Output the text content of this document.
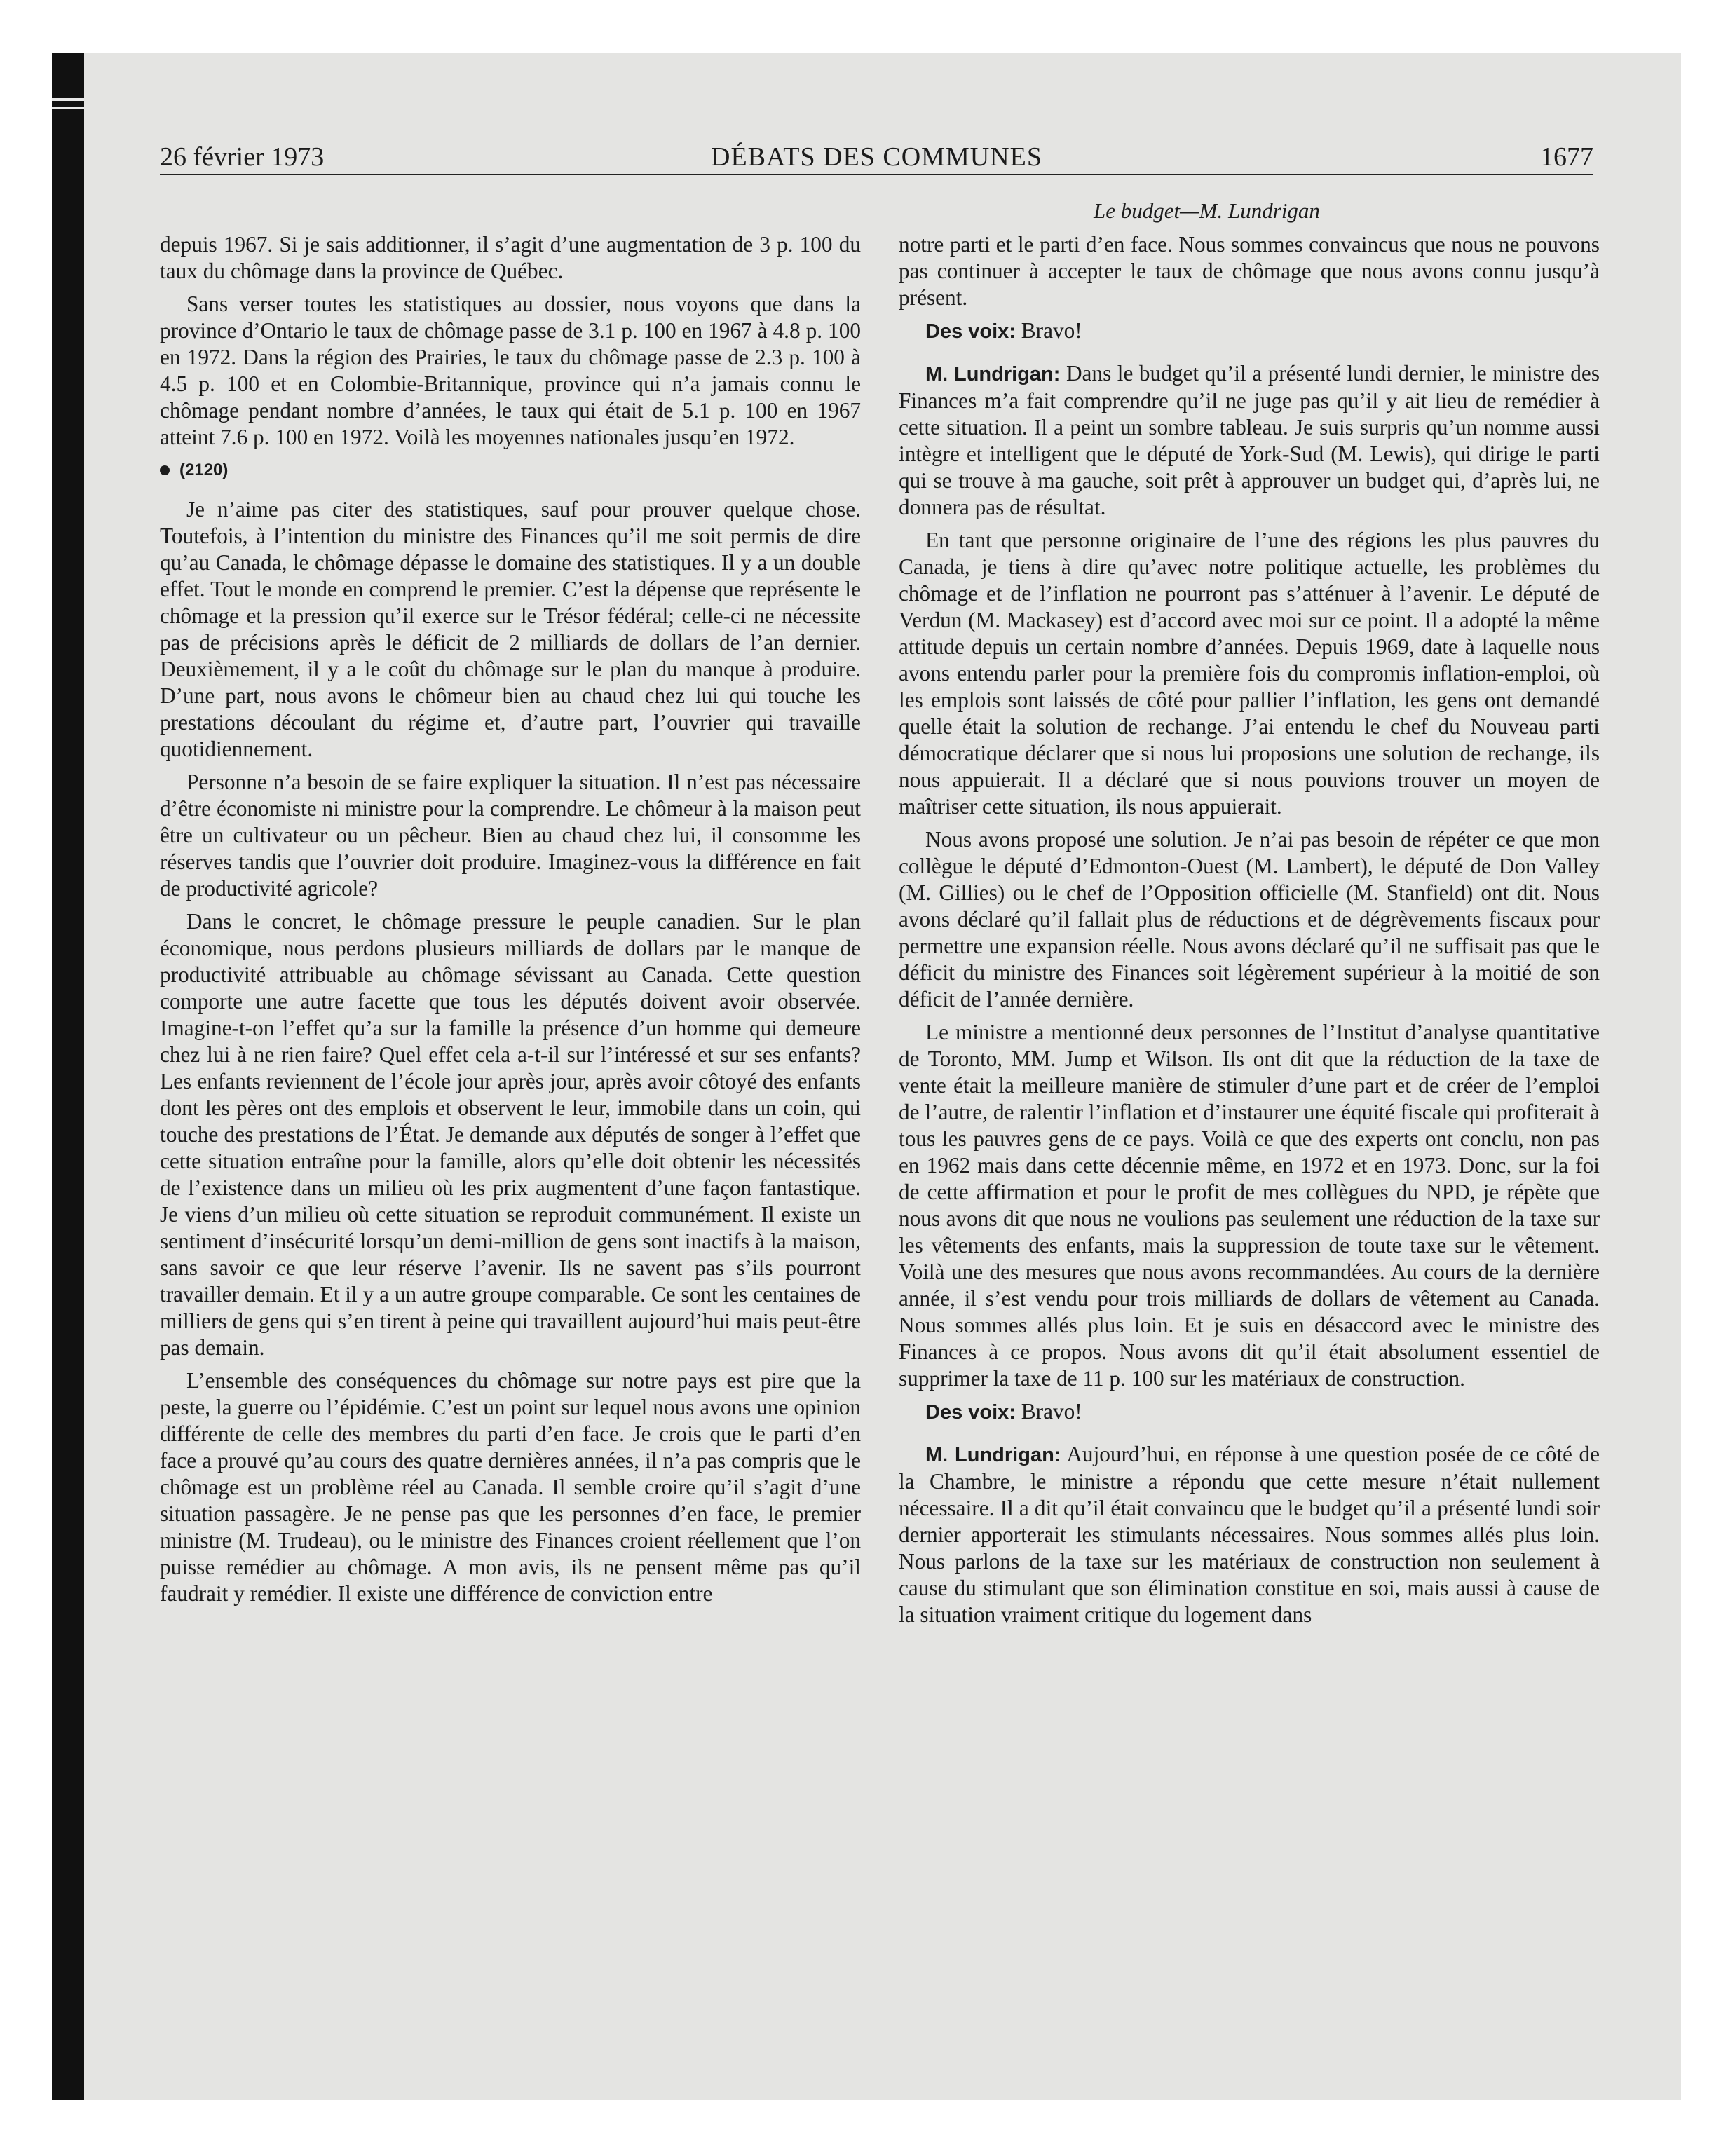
26 février 1973	DÉBATS DES COMMUNES	1677
Le budget—M. Lundrigan

depuis 1967. Si je sais additionner, il s’agit d’une augmentation de 3 p. 100 du taux du chômage dans la province de Québec.

Sans verser toutes les statistiques au dossier, nous voyons que dans la province d’Ontario le taux de chômage passe de 3.1 p. 100 en 1967 à 4.8 p. 100 en 1972. Dans la région des Prairies, le taux du chômage passe de 2.3 p. 100 à 4.5 p. 100 et en Colombie-Britannique, province qui n’a jamais connu le chômage pendant nombre d’années, le taux qui était de 5.1 p. 100 en 1967 atteint 7.6 p. 100 en 1972. Voilà les moyennes nationales jusqu’en 1972.

(2120)

Je n’aime pas citer des statistiques, sauf pour prouver quelque chose. Toutefois, à l’intention du ministre des Finances qu’il me soit permis de dire qu’au Canada, le chômage dépasse le domaine des statistiques. Il y a un double effet. Tout le monde en comprend le premier. C’est la dépense que représente le chômage et la pression qu’il exerce sur le Trésor fédéral; celle-ci ne nécessite pas de précisions après le déficit de 2 milliards de dollars de l’an dernier. Deuxièmement, il y a le coût du chômage sur le plan du manque à produire. D’une part, nous avons le chômeur bien au chaud chez lui qui touche les prestations découlant du régime et, d’autre part, l’ouvrier qui travaille quotidiennement.

Personne n’a besoin de se faire expliquer la situation. Il n’est pas nécessaire d’être économiste ni ministre pour la comprendre. Le chômeur à la maison peut être un cultivateur ou un pêcheur. Bien au chaud chez lui, il consomme les réserves tandis que l’ouvrier doit produire. Imaginez-vous la différence en fait de productivité agricole?

Dans le concret, le chômage pressure le peuple canadien. Sur le plan économique, nous perdons plusieurs milliards de dollars par le manque de productivité attribuable au chômage sévissant au Canada. Cette question comporte une autre facette que tous les députés doivent avoir observée. Imagine-t-on l’effet qu’a sur la famille la présence d’un homme qui demeure chez lui à ne rien faire? Quel effet cela a-t-il sur l’intéressé et sur ses enfants? Les enfants reviennent de l’école jour après jour, après avoir côtoyé des enfants dont les pères ont des emplois et observent le leur, immobile dans un coin, qui touche des prestations de l’État. Je demande aux députés de songer à l’effet que cette situation entraîne pour la famille, alors qu’elle doit obtenir les nécessités de l’existence dans un milieu où les prix augmentent d’une façon fantastique. Je viens d’un milieu où cette situation se reproduit communément. Il existe un sentiment d’insécurité lorsqu’un demi-million de gens sont inactifs à la maison, sans savoir ce que leur réserve l’avenir. Ils ne savent pas s’ils pourront travailler demain. Et il y a un autre groupe comparable. Ce sont les centaines de milliers de gens qui s’en tirent à peine qui travaillent aujourd’hui mais peut-être pas demain.

L’ensemble des conséquences du chômage sur notre pays est pire que la peste, la guerre ou l’épidémie. C’est un point sur lequel nous avons une opinion différente de celle des membres du parti d’en face. Je crois que le parti d’en face a prouvé qu’au cours des quatre dernières années, il n’a pas compris que le chômage est un problème réel au Canada. Il semble croire qu’il s’agit d’une situation passagère. Je ne pense pas que les personnes d’en face, le premier ministre (M. Trudeau), ou le ministre des Finances croient réellement que l’on puisse remédier au chômage. A mon avis, ils ne pensent même pas qu’il faudrait y remédier. Il existe une différence de conviction entre

notre parti et le parti d’en face. Nous sommes convaincus que nous ne pouvons pas continuer à accepter le taux de chômage que nous avons connu jusqu’à présent.

Des voix: Bravo!

M. Lundrigan: Dans le budget qu’il a présenté lundi dernier, le ministre des Finances m’a fait comprendre qu’il ne juge pas qu’il y ait lieu de remédier à cette situation. Il a peint un sombre tableau. Je suis surpris qu’un nomme aussi intègre et intelligent que le député de York-Sud (M. Lewis), qui dirige le parti qui se trouve à ma gauche, soit prêt à approuver un budget qui, d’après lui, ne donnera pas de résultat.

En tant que personne originaire de l’une des régions les plus pauvres du Canada, je tiens à dire qu’avec notre politique actuelle, les problèmes du chômage et de l’inflation ne pourront pas s’atténuer à l’avenir. Le député de Verdun (M. Mackasey) est d’accord avec moi sur ce point. Il a adopté la même attitude depuis un certain nombre d’années. Depuis 1969, date à laquelle nous avons entendu parler pour la première fois du compromis inflation-emploi, où les emplois sont laissés de côté pour pallier l’inflation, les gens ont demandé quelle était la solution de rechange. J’ai entendu le chef du Nouveau parti démocratique déclarer que si nous lui proposions une solution de rechange, ils nous appuierait. Il a déclaré que si nous pouvions trouver un moyen de maîtriser cette situation, ils nous appuierait.

Nous avons proposé une solution. Je n’ai pas besoin de répéter ce que mon collègue le député d’Edmonton-Ouest (M. Lambert), le député de Don Valley (M. Gillies) ou le chef de l’Opposition officielle (M. Stanfield) ont dit. Nous avons déclaré qu’il fallait plus de réductions et de dégrèvements fiscaux pour permettre une expansion réelle. Nous avons déclaré qu’il ne suffisait pas que le déficit du ministre des Finances soit légèrement supérieur à la moitié de son déficit de l’année dernière.

Le ministre a mentionné deux personnes de l’Institut d’analyse quantitative de Toronto, MM. Jump et Wilson. Ils ont dit que la réduction de la taxe de vente était la meilleure manière de stimuler d’une part et de créer de l’emploi de l’autre, de ralentir l’inflation et d’instaurer une équité fiscale qui profiterait à tous les pauvres gens de ce pays. Voilà ce que des experts ont conclu, non pas en 1962 mais dans cette décennie même, en 1972 et en 1973. Donc, sur la foi de cette affirmation et pour le profit de mes collègues du NPD, je répète que nous avons dit que nous ne voulions pas seulement une réduction de la taxe sur les vêtements des enfants, mais la suppression de toute taxe sur le vêtement. Voilà une des mesures que nous avons recommandées. Au cours de la dernière année, il s’est vendu pour trois milliards de dollars de vêtement au Canada. Nous sommes allés plus loin. Et je suis en désaccord avec le ministre des Finances à ce propos. Nous avons dit qu’il était absolument essentiel de supprimer la taxe de 11 p. 100 sur les matériaux de construction.

Des voix: Bravo!

M. Lundrigan: Aujourd’hui, en réponse à une question posée de ce côté de la Chambre, le ministre a répondu que cette mesure n’était nullement nécessaire. Il a dit qu’il était convaincu que le budget qu’il a présenté lundi soir dernier apporterait les stimulants nécessaires. Nous sommes allés plus loin. Nous parlons de la taxe sur les matériaux de construction non seulement à cause du stimulant que son élimination constitue en soi, mais aussi à cause de la situation vraiment critique du logement dans
